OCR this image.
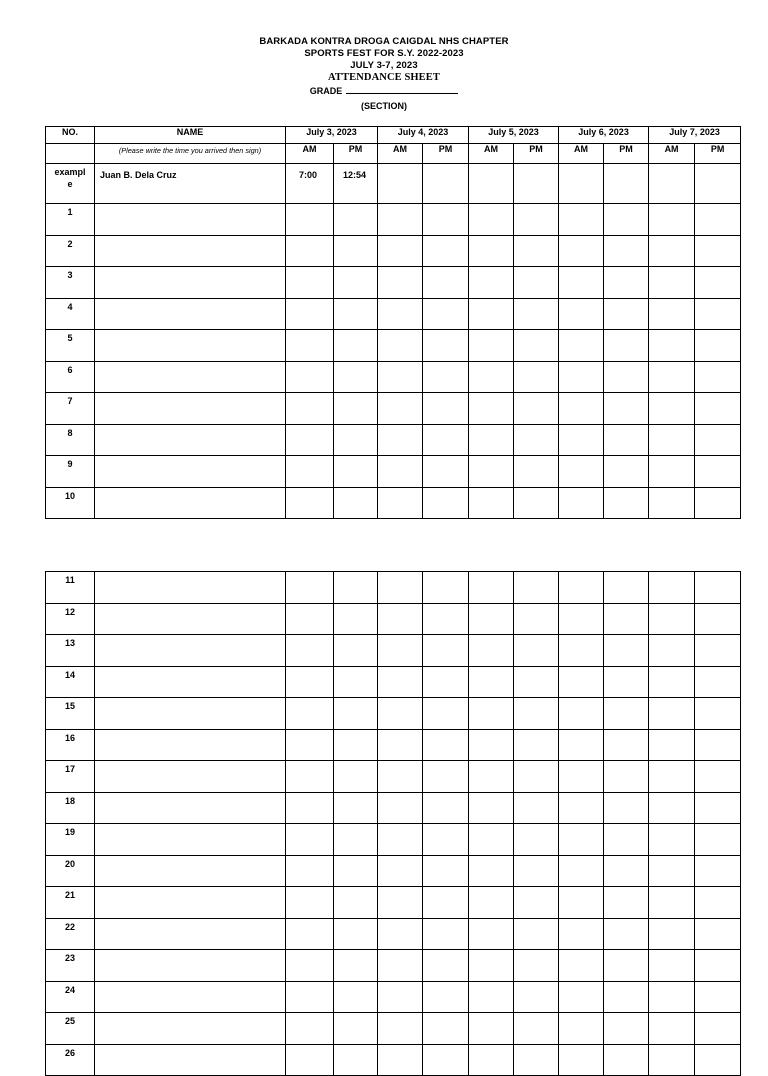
BARKADA KONTRA DROGA CAIGDAL NHS CHAPTER
SPORTS FEST FOR S.Y. 2022-2023
JULY 3-7, 2023
ATTENDANCE SHEET
GRADE
(SECTION)
NO.	NAME	July 3, 2023		July 4, 2023		July 5, 2023		July 6, 2023		July 7, 2023	
	(Please write the time you arrived then sign)	AM	PM	AM	PM	AM	PM	AM	PM	AM	PM
exampl
e	Juan B. Dela Cruz	7:00	12:54								
1											
2											
3											
4											
5											
6											
7											
8											
9											
10											
11											
12											
13											
14											
15											
16											
17											
18											
19											
20											
21											
22											
23											
24											
25											
26											
